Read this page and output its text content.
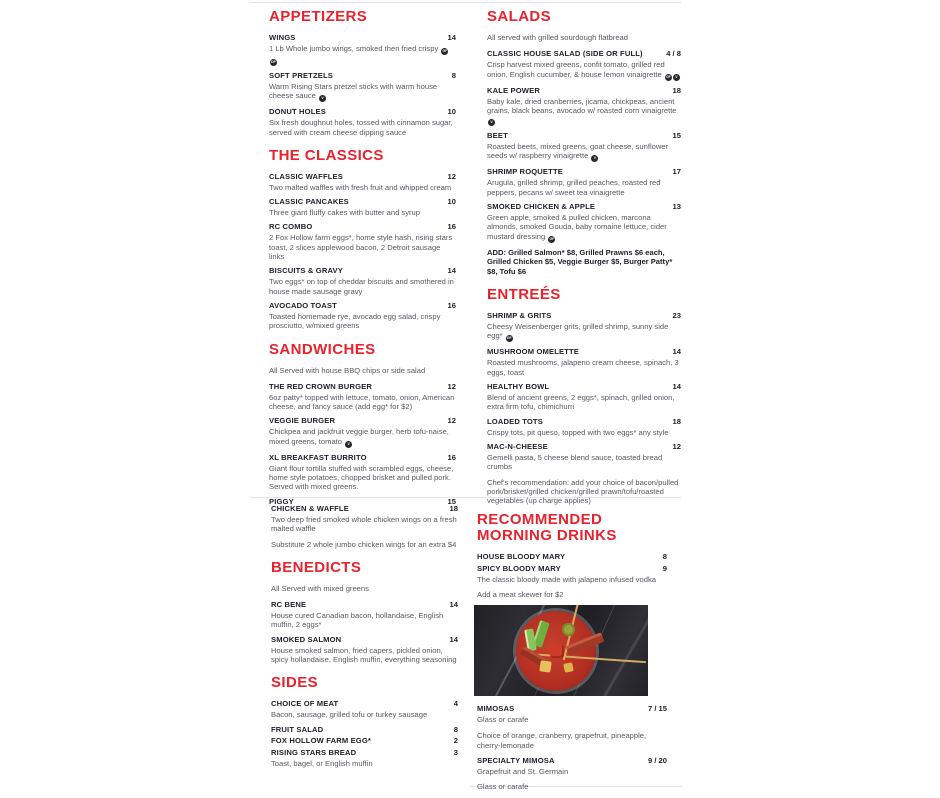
APPETIZERS
WINGS	14

1 Lb Whole jumbo wings, smoked then fried crispy GFDF

SOFT PRETZELS	8

Warm Rising Stars pretzel sticks with warm house cheese sauce V

DONUT HOLES	10

Six fresh doughnut holes, tossed with cinnamon sugar, served with cream cheese dipping sauce

THE CLASSICS
CLASSIC WAFFLES	12

Two malted waffles with fresh fruit and whipped cream

CLASSIC PANCAKES	10

Three giant fluffy cakes with butter and syrup

RC COMBO	16

2 Fox Hollow farm eggs*, home style hash, rising stars toast, 2 slices applewood bacon, 2 Detroit sausage links

BISCUITS & GRAVY	14

Two eggs* on top of cheddar biscuits and smothered in house made sausage gravy

AVOCADO TOAST	16

Toasted homemade rye, avocado egg salad, crispy prosciutto, w/mixed greens

SANDWICHES

All Served with house BBQ chips or side salad

THE RED CROWN BURGER	12

6oz patty* topped with lettuce, tomato, onion, American cheese, and fancy sauce (add egg* for $2)

VEGGIE BURGER	12

Chickpea and jackfruit veggie burger, herb tofu-naise, mixed greens, tomato V

XL BREAKFAST BURRITO	16

Giant flour tortilla stuffed with scrambled eggs, cheese, home style potatoes, chopped brisket and pulled pork. Served with mixed greens.

PIGGY	15
CHICKEN & WAFFLE	18

Two deep fried smoked whole chicken wings on a fresh malted waffle

Substitute 2 whole jumbo chicken wings for an extra $4

BENEDICTS

All Served with mixed greens

RC BENE	14

House cured Canadian bacon, hollandaise, English muffin, 2 eggs*

SMOKED SALMON	14

House smoked salmon, fried capers, pickled onion, spicy hollandaise, English muffin, everything seasoning

SIDES
CHOICE OF MEAT	4

Bacon, sausage, grilled tofu or turkey sausage

FRUIT SALAD	8
FOX HOLLOW FARM EGG*	2
RISING STARS BREAD	3

Toast, bagel, or English muffin

SALADS

All served with grilled sourdough flatbread

CLASSIC HOUSE SALAD (SIDE OR FULL)	4 / 8

Crisp harvest mixed greens, confit tomato, grilled red onion, English cucumber, & house lemon vinaigrette GF V

KALE POWER	18

Baby kale, dried cranberries, jicama, chickpeas, ancient grains, black beans, avocado w/ roasted corn vinaigrette V

BEET	15

Roasted beets, mixed greens, goat cheese, sunflower seeds w/ raspberry vinaigrette V

SHRIMP ROQUETTE	17

Arugula, grilled shrimp, grilled peaches, roasted red peppers, pecans w/ sweet tea vinaigrette

SMOKED CHICKEN & APPLE	13

Green apple, smoked & pulled chicken, marcona almonds, smoked Gouda, baby romaine lettuce, cider mustard dressing GF

ADD: Grilled Salmon* $8, Grilled Prawns $6 each, Grilled Chicken $5, Veggie Burger $5, Burger Patty* $8, Tofu $6

ENTREÉS
SHRIMP & GRITS	23

Cheesy Weisenberger grits, grilled shrimp, sunny side egg* GF

MUSHROOM OMELETTE	14

Roasted mushrooms, jalapeno cream cheese, spinach, 3 eggs, toast

HEALTHY BOWL	14

Blend of ancient greens, 2 eggs*, spinach, grilled onion, extra firm tofu, chimichurri

LOADED TOTS	18

Crispy tots, pit queso, topped with two eggs* any style

MAC-N-CHEESE	12

Gemelli pasta, 5 cheese blend sauce, toasted bread crumbs

Chef's recommendation: add your choice of bacon/pulled pork/brisket/grilled chicken/grilled prawn/tofu/roasted vegetables (up charge applies)

RECOMMENDED
MORNING DRINKS
HOUSE BLOODY MARY	8
SPICY BLOODY MARY	9

The classic bloody made with jalapeno infused vodka

Add a meat skewer for $2

MIMOSAS	7 / 15

Glass or carafe

Choice of orange, cranberry, grapefruit, pineapple, cherry-lemonade

SPECIALTY MIMOSA	9 / 20

Grapefruit and St. Germain

Glass or carafe
